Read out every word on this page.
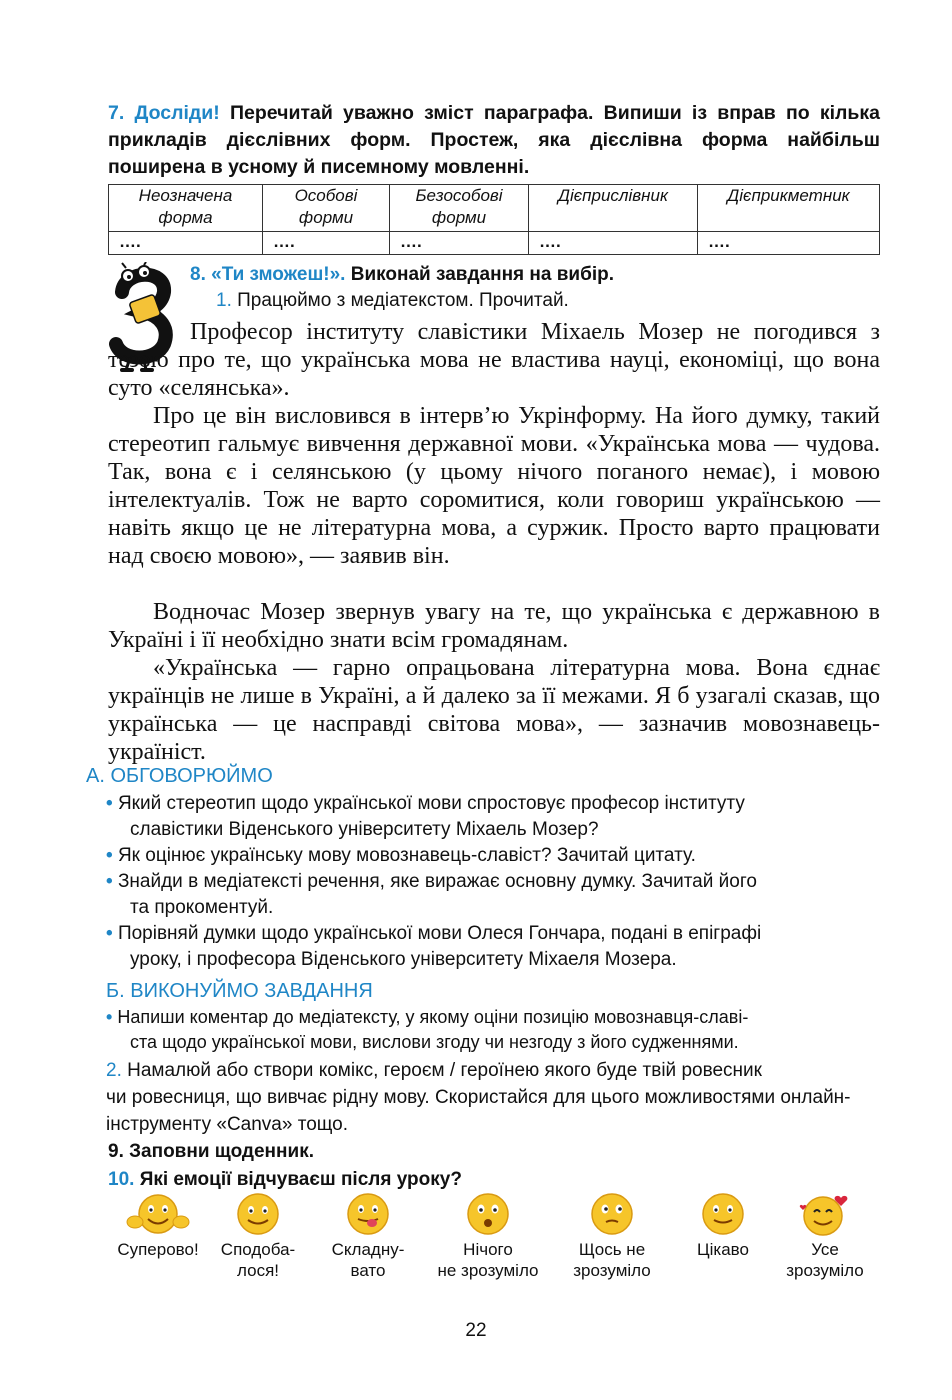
7. Досліди! Перечитай уважно зміст параграфа. Випиши із вправ по кілька прикладів дієслівних форм. Простеж, яка дієслівна форма найбільш поширена в усному й писемному мовленні.
Неозначена форма	Особові форми	Безособові форми	Дієприслівник	Дієприкметник
….	….	….	….	….
8. «Ти зможеш!». Виконай завдання на вибір.
1. Працюймо з медіатекстом. Прочитай.
Професор інституту славістики Міхаель Мозер не погодився з тезою про те, що українська мова не властива науці, економіці, що вона суто «селянська».
Про це він висловився в інтерв’ю Укрінформу. На його думку, такий стереотип гальмує вивчення державної мови. «Українська мова — чудова. Так, вона є і селянською (у цьому нічого поганого немає), і мовою інтелектуалів. Тож не варто соромитися, коли говориш українською — навіть якщо це не літературна мова, а суржик. Просто варто працювати над своєю мовою», — заявив він.
Водночас Мозер звернув увагу на те, що українська є державною в Україні і її необхідно знати всім громадянам.
«Українська — гарно опрацьована літературна мова. Вона єднає українців не лише в Україні, а й далеко за її межами. Я б узагалі сказав, що українська — це насправді світова мова», — зазначив мовознавець-україніст.
А. ОБГОВОРЮЙМО
• Який стереотип щодо української мови спростовує професор інституту
славістики Віденського університету Міхаель Мозер?
• Як оцінює українську мову мовознавець-славіст? Зачитай цитату.
• Знайди в медіатексті речення, яке виражає основну думку. Зачитай його
та прокоментуй.
• Порівняй думки щодо української мови Олеся Гончара, подані в епіграфі
уроку, і професора Віденського університету Міхаеля Мозера.
Б. ВИКОНУЙМО ЗАВДАННЯ
• Напиши коментар до медіатексту, у якому оціни позицію мовознавця-славі-
ста щодо української мови, вислови згоду чи незгоду з його судженнями.
2. Намалюй або створи комікс, героєм / героїнею якого буде твій ровесник
чи ровесниця, що вивчає рідну мову. Скористайся для цього можливостями онлайн-інструменту «Canva» тощо.
9. Заповни щоденник.
10. Які емоції відчуваєш після уроку?
Суперово!	Сподоба-
лося!
Складну-
вато
Нічого
не зрозуміло
Щось не
зрозуміло
Цікаво	Усе
зрозуміло
22
